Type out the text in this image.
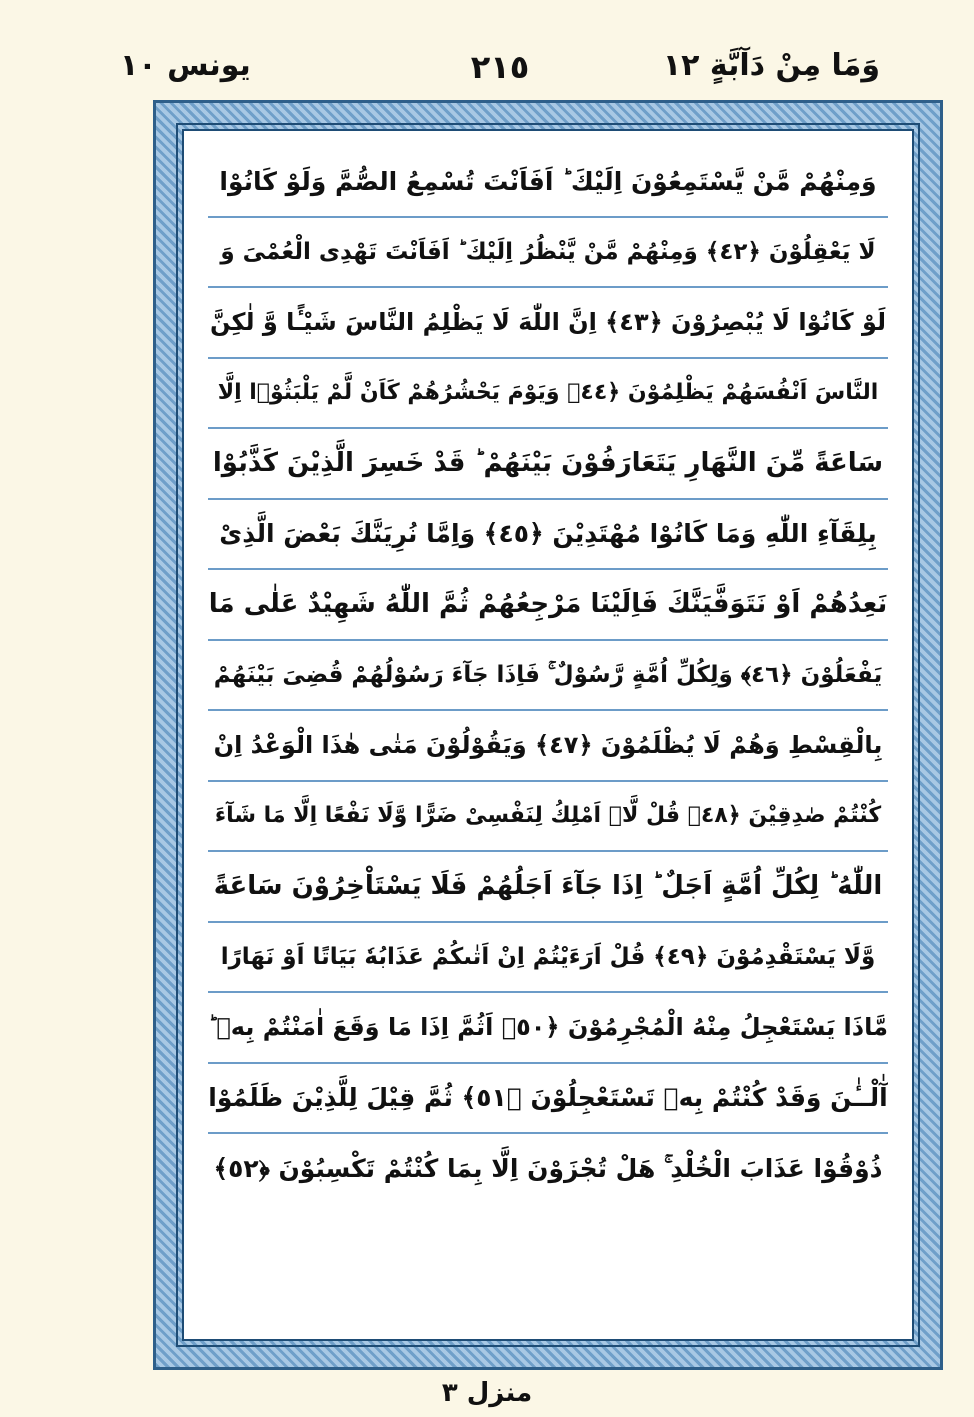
وَمَا مِنْ دَآبَّةٍ ١٢
٢١٥
يونس ١٠
وَمِنْهُمْ مَّنْ يَّسْتَمِعُوْنَ اِلَيْكَ ؕ اَفَاَنْتَ تُسْمِعُ الصُّمَّ وَلَوْ كَانُوْا
لَا يَعْقِلُوْنَ ﴿٤٢﴾ وَمِنْهُمْ مَّنْ يَّنْظُرُ اِلَيْكَ ؕ اَفَاَنْتَ تَهْدِى الْعُمْىَ وَ
لَوْ كَانُوْا لَا يُبْصِرُوْنَ ﴿٤٣﴾ اِنَّ اللّٰهَ لَا يَظْلِمُ النَّاسَ شَيْـًٔا وَّ لٰكِنَّ
النَّاسَ اَنْفُسَهُمْ يَظْلِمُوْنَ ﴿٤٤﴾ وَيَوْمَ يَحْشُرُهُمْ كَاَنْ لَّمْ يَلْبَثُوْۤا اِلَّا
سَاعَةً مِّنَ النَّهَارِ يَتَعَارَفُوْنَ بَيْنَهُمْ ؕ قَدْ خَسِرَ الَّذِيْنَ كَذَّبُوْا
بِلِقَآءِ اللّٰهِ وَمَا كَانُوْا مُهْتَدِيْنَ ﴿٤٥﴾ وَاِمَّا نُرِيَنَّكَ بَعْضَ الَّذِىْ
نَعِدُهُمْ اَوْ نَتَوَفَّيَنَّكَ فَاِلَيْنَا مَرْجِعُهُمْ ثُمَّ اللّٰهُ شَهِيْدٌ عَلٰى مَا
يَفْعَلُوْنَ ﴿٤٦﴾ وَلِكُلِّ اُمَّةٍ رَّسُوْلٌ ۚ فَاِذَا جَآءَ رَسُوْلُهُمْ قُضِىَ بَيْنَهُمْ
بِالْقِسْطِ وَهُمْ لَا يُظْلَمُوْنَ ﴿٤٧﴾ وَيَقُوْلُوْنَ مَتٰى هٰذَا الْوَعْدُ اِنْ
كُنْتُمْ صٰدِقِيْنَ ﴿٤٨﴾ قُلْ لَّاۤ اَمْلِكُ لِنَفْسِىْ ضَرًّا وَّلَا نَفْعًا اِلَّا مَا شَآءَ
اللّٰهُ ؕ لِكُلِّ اُمَّةٍ اَجَلٌ ؕ اِذَا جَآءَ اَجَلُهُمْ فَلَا يَسْتَاْخِرُوْنَ سَاعَةً
وَّلَا يَسْتَقْدِمُوْنَ ﴿٤٩﴾ قُلْ اَرَءَيْتُمْ اِنْ اَتٰٮكُمْ عَذَابُهٗ بَيَاتًا اَوْ نَهَارًا
مَّاذَا يَسْتَعْجِلُ مِنْهُ الْمُجْرِمُوْنَ ﴿٥٠﴾ اَثُمَّ اِذَا مَا وَقَعَ اٰمَنْتُمْ بِهٖ ؕ
آٰلْــٰٔنَ وَقَدْ كُنْتُمْ بِهٖ تَسْتَعْجِلُوْنَ ﴿٥١﴾ ثُمَّ قِيْلَ لِلَّذِيْنَ ظَلَمُوْا
ذُوْقُوْا عَذَابَ الْخُلْدِ ۚ هَلْ تُجْزَوْنَ اِلَّا بِمَا كُنْتُمْ تَكْسِبُوْنَ ﴿٥٢﴾
منزل ٣
